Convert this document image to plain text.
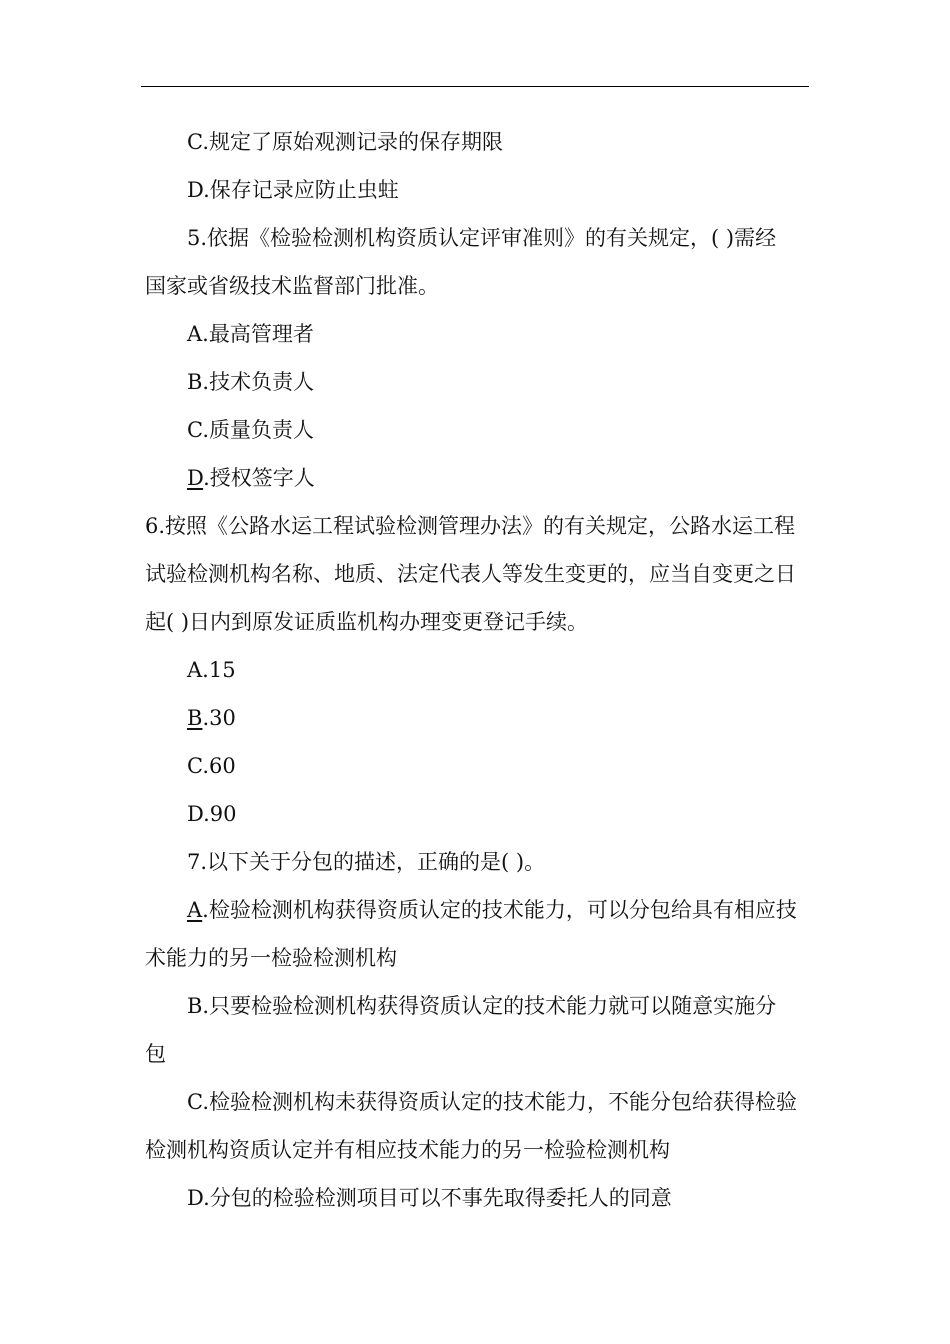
C.规定了原始观测记录的保存期限
D.保存记录应防止虫蛀
5.依据《检验检测机构资质认定评审准则》的有关规定，( )需经
国家或省级技术监督部门批准。
A.最高管理者
B.技术负责人
C.质量负责人
D.授权签字人
6.按照《公路水运工程试验检测管理办法》的有关规定，公路水运工程
试验检测机构名称、地质、法定代表人等发生变更的，应当自变更之日
起( )日内到原发证质监机构办理变更登记手续。
A.15
B.30
C.60
D.90
7.以下关于分包的描述，正确的是( )。
A.检验检测机构获得资质认定的技术能力，可以分包给具有相应技
术能力的另一检验检测机构
B.只要检验检测机构获得资质认定的技术能力就可以随意实施分
包
C.检验检测机构未获得资质认定的技术能力，不能分包给获得检验
检测机构资质认定并有相应技术能力的另一检验检测机构
D.分包的检验检测项目可以不事先取得委托人的同意
